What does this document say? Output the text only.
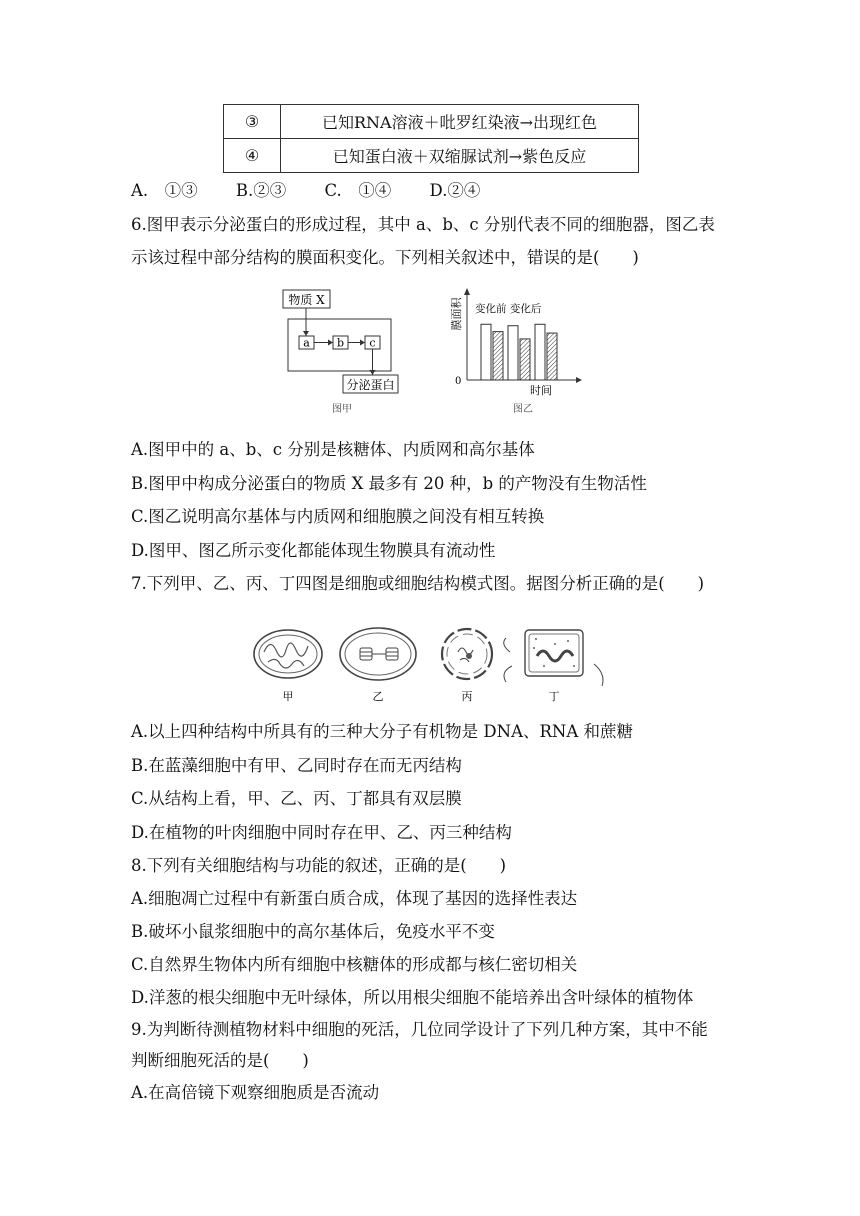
③	已知RNA溶液＋吡罗红染液→出现红色
④	已知蛋白液＋双缩脲试剂→紫色反应
A.　①③　　 B.②③　　 C.　①④　　 D.②④
6.图甲表示分泌蛋白的形成过程，其中 a、b、c 分别代表不同的细胞器，图乙表
示该过程中部分结构的膜面积变化。下列相关叙述中，错误的是(　　)
物质 X
a b c
分泌蛋白
图甲
膜面积
0
时间
变化前 变化后
图乙
A.图甲中的 a、b、c 分别是核糖体、内质网和高尔基体
B.图甲中构成分泌蛋白的物质 X 最多有 20 种，b 的产物没有生物活性
C.图乙说明高尔基体与内质网和细胞膜之间没有相互转换
D.图甲、图乙所示变化都能体现生物膜具有流动性
7.下列甲、乙、丙、丁四图是细胞或细胞结构模式图。据图分析正确的是(　　)
甲	乙	丙	丁
A.以上四种结构中所具有的三种大分子有机物是 DNA、RNA 和蔗糖
B.在蓝藻细胞中有甲、乙同时存在而无丙结构
C.从结构上看，甲、乙、丙、丁都具有双层膜
D.在植物的叶肉细胞中同时存在甲、乙、丙三种结构
8.下列有关细胞结构与功能的叙述，正确的是(　　)
A.细胞凋亡过程中有新蛋白质合成，体现了基因的选择性表达
B.破坏小鼠浆细胞中的高尔基体后，免疫水平不变
C.自然界生物体内所有细胞中核糖体的形成都与核仁密切相关
D.洋葱的根尖细胞中无叶绿体，所以用根尖细胞不能培养出含叶绿体的植物体
9.为判断待测植物材料中细胞的死活，几位同学设计了下列几种方案，其中不能
判断细胞死活的是(　　)
A.在高倍镜下观察细胞质是否流动
